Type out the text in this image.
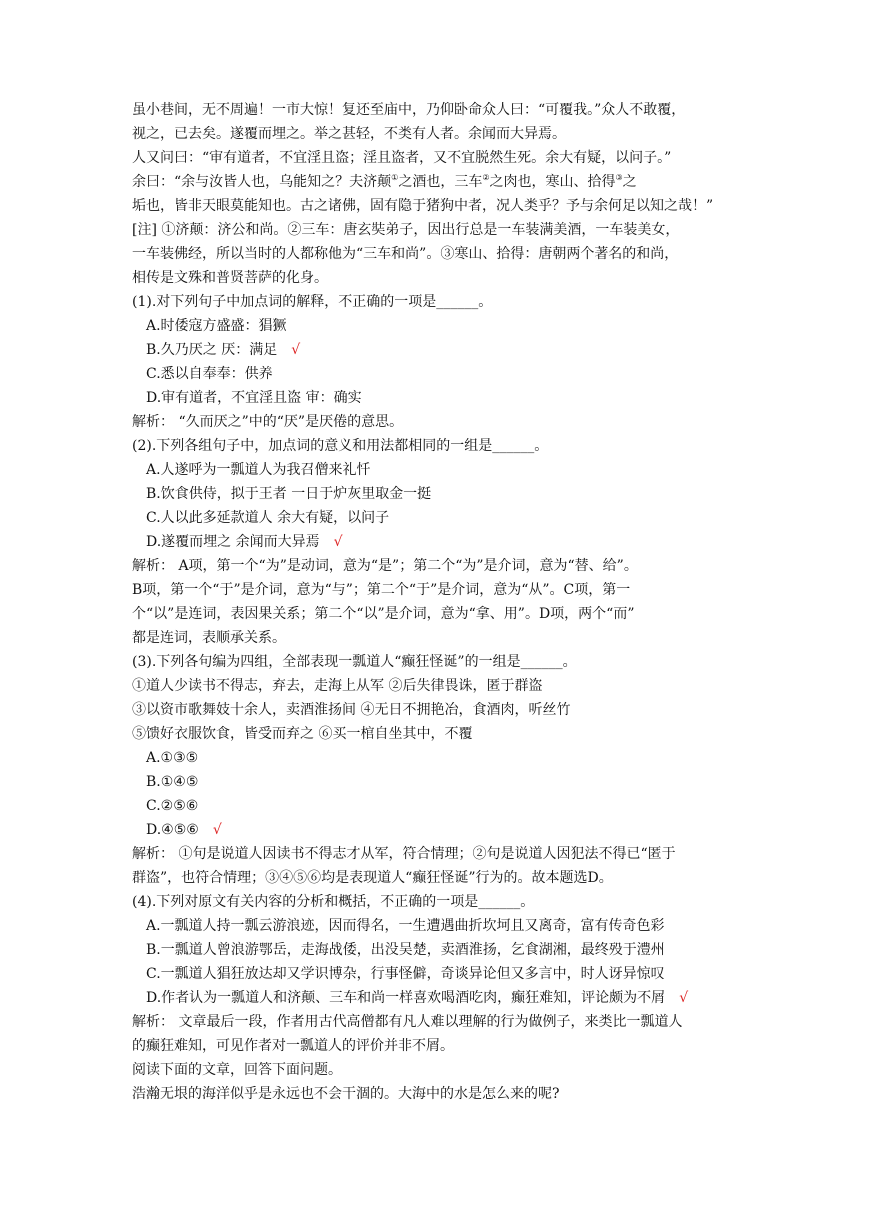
虽小巷间，无不周遍！一市大惊！复还至庙中，乃仰卧命众人曰：“可覆我。”众人不敢覆，
视之，已去矣。遂覆而埋之。举之甚轻，不类有人者。余闻而大异焉。
人又问曰：“审有道者，不宜淫且盗；淫且盗者，又不宜脱然生死。余大有疑，以问子。”
余曰：“余与汝皆人也，乌能知之？夫济颠①之酒也，三车②之肉也，寒山、拾得③之
垢也，皆非天眼莫能知也。古之诸佛，固有隐于猪狗中者，况人类乎？予与余何足以知之哉！”
[注] ①济颠：济公和尚。②三车：唐玄奘弟子，因出行总是一车装满美酒，一车装美女，
一车装佛经，所以当时的人都称他为“三车和尚”。③寒山、拾得：唐朝两个著名的和尚，
相传是文殊和普贤菩萨的化身。
(1).对下列句子中加点词的解释，不正确的一项是______。
A.时倭寇方盛盛：猖獗
B.久乃厌之 厌：满足 √
C.悉以自奉奉：供养
D.审有道者，不宜淫且盗 审：确实
解析： “久而厌之”中的“厌”是厌倦的意思。
(2).下列各组句子中，加点词的意义和用法都相同的一组是______。
A.人遂呼为一瓢道人为我召僧来礼忏
B.饮食供侍，拟于王者 一日于炉灰里取金一挺
C.人以此多延款道人 余大有疑，以问子
D.遂覆而埋之 余闻而大异焉 √
解析： A项，第一个“为”是动词，意为“是”；第二个“为”是介词，意为“替、给”。
B项，第一个“于”是介词，意为“与”；第二个“于”是介词，意为“从”。C项，第一
个“以”是连词，表因果关系；第二个“以”是介词，意为“拿、用”。D项，两个“而”
都是连词，表顺承关系。
(3).下列各句编为四组，全部表现一瓢道人“癫狂怪诞”的一组是______。
①道人少读书不得志，弃去，走海上从军 ②后失律畏诛，匿于群盗
③以资市歌舞妓十余人，卖酒淮扬间 ④无日不拥艳冶，食酒肉，听丝竹
⑤馈好衣服饮食，皆受而弃之 ⑥买一棺自坐其中，不覆
A.①③⑤
B.①④⑤
C.②⑤⑥
D.④⑤⑥ √
解析： ①句是说道人因读书不得志才从军，符合情理；②句是说道人因犯法不得已“匿于
群盗”，也符合情理；③④⑤⑥均是表现道人“癫狂怪诞”行为的。故本题选D。
(4).下列对原文有关内容的分析和概括，不正确的一项是______。
A.一瓢道人持一瓢云游浪迹，因而得名，一生遭遇曲折坎坷且又离奇，富有传奇色彩
B.一瓢道人曾浪游鄂岳，走海战倭，出没吴楚，卖酒淮扬，乞食湖湘，最终殁于澧州
C.一瓢道人猖狂放达却又学识博杂，行事怪僻，奇谈异论但又多言中，时人讶异惊叹
D.作者认为一瓢道人和济颠、三车和尚一样喜欢喝酒吃肉，癫狂难知，评论颇为不屑 √
解析： 文章最后一段，作者用古代高僧都有凡人难以理解的行为做例子，来类比一瓢道人
的癫狂难知，可见作者对一瓢道人的评价并非不屑。
阅读下面的文章，回答下面问题。
浩瀚无垠的海洋似乎是永远也不会干涸的。大海中的水是怎么来的呢?
